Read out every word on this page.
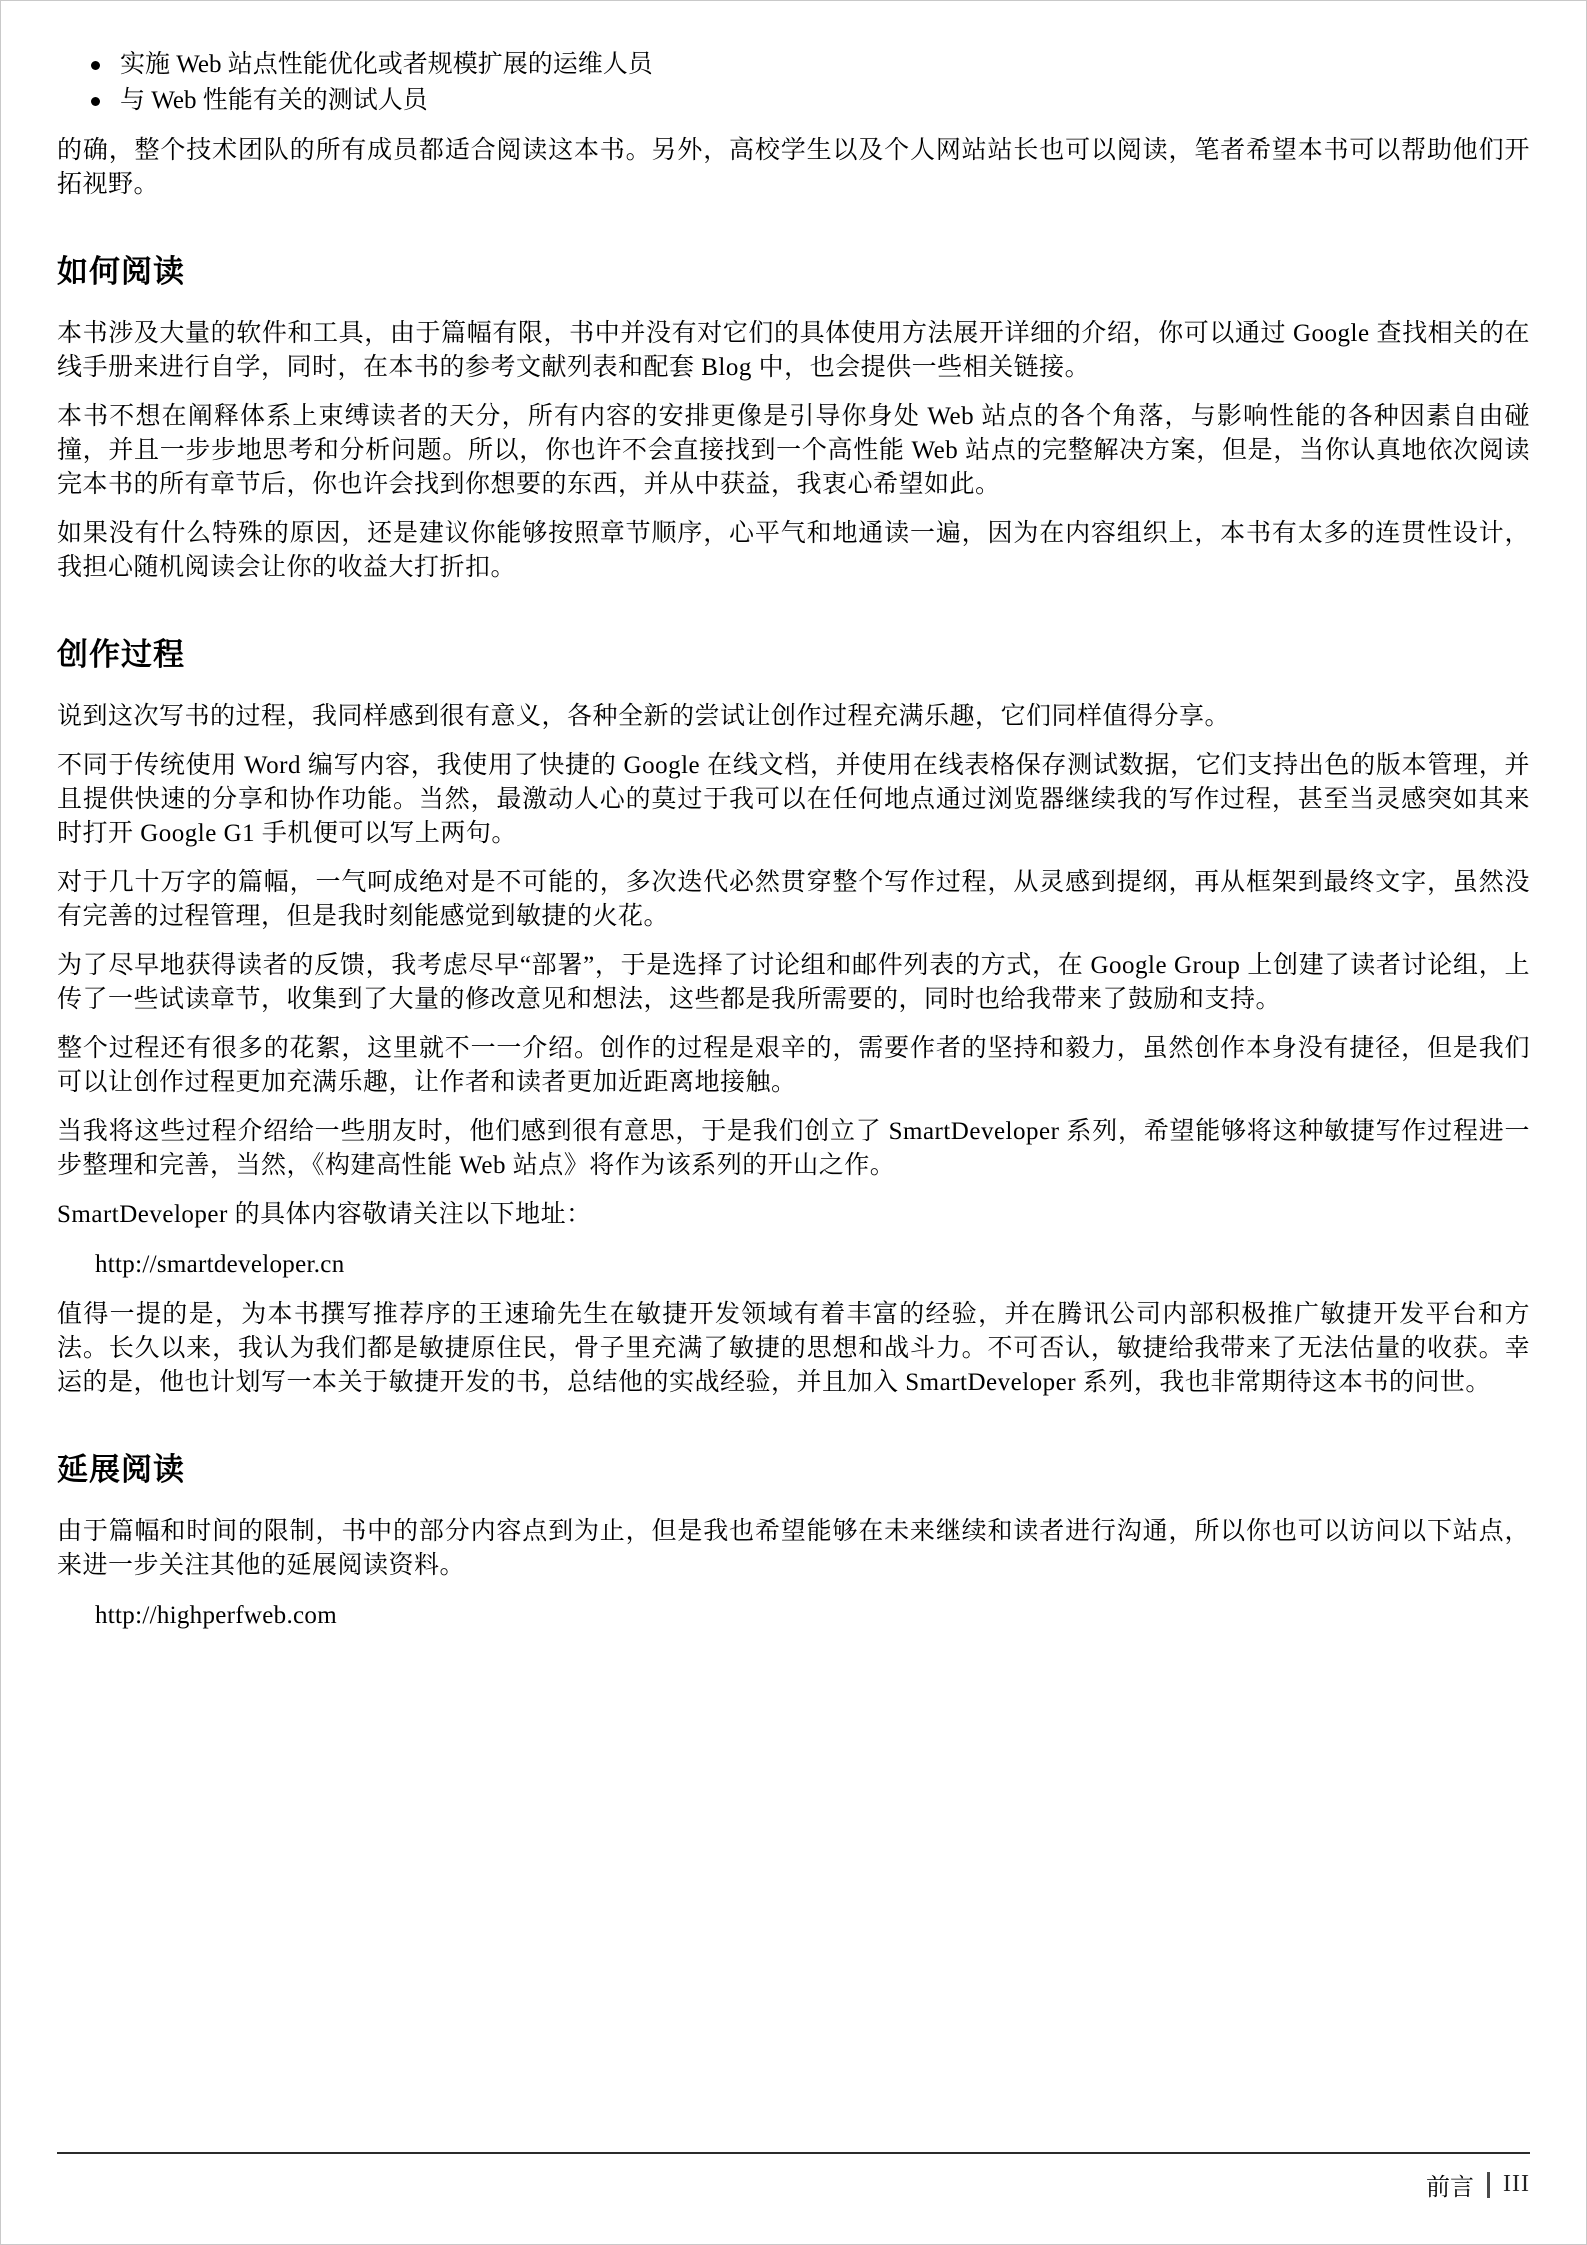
实施 Web 站点性能优化或者规模扩展的运维人员
与 Web 性能有关的测试人员

的确，整个技术团队的所有成员都适合阅读这本书。另外，高校学生以及个人网站站长也可以阅读，笔者希望本书可以帮助他们开拓视野。

如何阅读

本书涉及大量的软件和工具，由于篇幅有限，书中并没有对它们的具体使用方法展开详细的介绍，你可以通过 Google 查找相关的在线手册来进行自学，同时，在本书的参考文献列表和配套 Blog 中，也会提供一些相关链接。

本书不想在阐释体系上束缚读者的天分，所有内容的安排更像是引导你身处 Web 站点的各个角落，与影响性能的各种因素自由碰撞，并且一步步地思考和分析问题。所以，你也许不会直接找到一个高性能 Web 站点的完整解决方案，但是，当你认真地依次阅读完本书的所有章节后，你也许会找到你想要的东西，并从中获益，我衷心希望如此。

如果没有什么特殊的原因，还是建议你能够按照章节顺序，心平气和地通读一遍，因为在内容组织上，本书有太多的连贯性设计，我担心随机阅读会让你的收益大打折扣。

创作过程

说到这次写书的过程，我同样感到很有意义，各种全新的尝试让创作过程充满乐趣，它们同样值得分享。

不同于传统使用 Word 编写内容，我使用了快捷的 Google 在线文档，并使用在线表格保存测试数据，它们支持出色的版本管理，并且提供快速的分享和协作功能。当然，最激动人心的莫过于我可以在任何地点通过浏览器继续我的写作过程，甚至当灵感突如其来时打开 Google G1 手机便可以写上两句。

对于几十万字的篇幅，一气呵成绝对是不可能的，多次迭代必然贯穿整个写作过程，从灵感到提纲，再从框架到最终文字，虽然没有完善的过程管理，但是我时刻能感觉到敏捷的火花。

为了尽早地获得读者的反馈，我考虑尽早“部署”，于是选择了讨论组和邮件列表的方式，在 Google Group 上创建了读者讨论组，上传了一些试读章节，收集到了大量的修改意见和想法，这些都是我所需要的，同时也给我带来了鼓励和支持。

整个过程还有很多的花絮，这里就不一一介绍。创作的过程是艰辛的，需要作者的坚持和毅力，虽然创作本身没有捷径，但是我们可以让创作过程更加充满乐趣，让作者和读者更加近距离地接触。

当我将这些过程介绍给一些朋友时，他们感到很有意思，于是我们创立了 SmartDeveloper 系列，希望能够将这种敏捷写作过程进一步整理和完善，当然，《构建高性能 Web 站点》将作为该系列的开山之作。

SmartDeveloper 的具体内容敬请关注以下地址：

http://smartdeveloper.cn

值得一提的是，为本书撰写推荐序的王速瑜先生在敏捷开发领域有着丰富的经验，并在腾讯公司内部积极推广敏捷开发平台和方法。长久以来，我认为我们都是敏捷原住民，骨子里充满了敏捷的思想和战斗力。不可否认，敏捷给我带来了无法估量的收获。幸运的是，他也计划写一本关于敏捷开发的书，总结他的实战经验，并且加入 SmartDeveloper 系列，我也非常期待这本书的问世。

延展阅读

由于篇幅和时间的限制，书中的部分内容点到为止，但是我也希望能够在未来继续和读者进行沟通，所以你也可以访问以下站点，来进一步关注其他的延展阅读资料。

http://highperfweb.com
前言 III
